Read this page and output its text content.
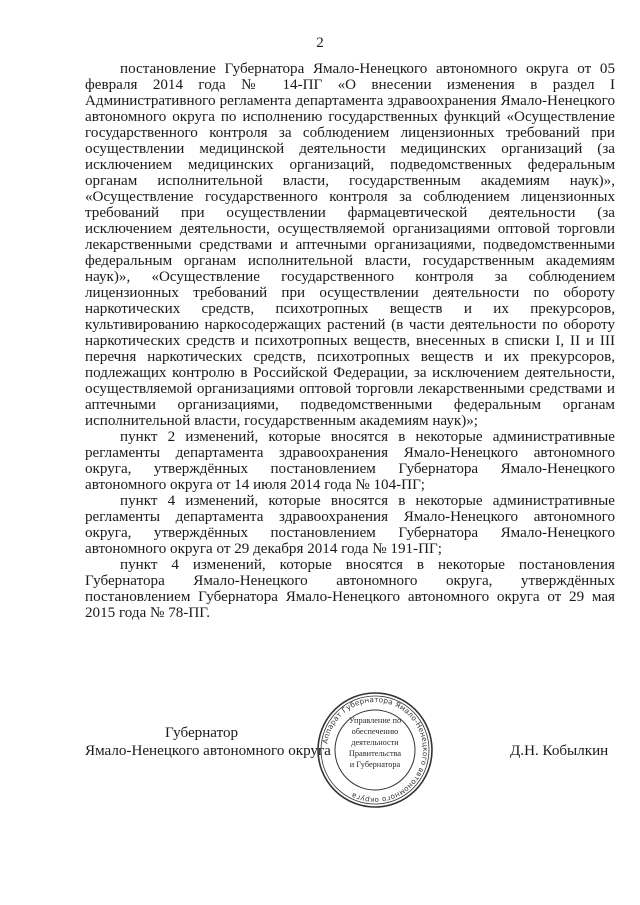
2

постановление Губернатора Ямало-Ненецкого автономного округа от 05 февраля 2014 года № 14-ПГ «О внесении изменения в раздел I Административного регламента департамента здравоохранения Ямало-Ненецкого автономного округа по исполнению государственных функций «Осуществление государственного контроля за соблюдением лицензионных требований при осуществлении медицинской деятельности медицинских организаций (за исключением медицинских организаций, подведомственных федеральным органам исполнительной власти, государственным академиям наук)», «Осуществление государственного контроля за соблюдением лицензионных требований при осуществлении фармацевтической деятельности (за исключением деятельности, осуществляемой организациями оптовой торговли лекарственными средствами и аптечными организациями, подведомственными федеральным органам исполнительной власти, государственным академиям наук)», «Осуществление государственного контроля за соблюдением лицензионных требований при осуществлении деятельности по обороту наркотических средств, психотропных веществ и их прекурсоров, культивированию наркосодержащих растений (в части деятельности по обороту наркотических средств и психотропных веществ, внесенных в списки I, II и III перечня наркотических средств, психотропных веществ и их прекурсоров, подлежащих контролю в Российской Федерации, за исключением деятельности, осуществляемой организациями оптовой торговли лекарственными средствами и аптечными организациями, подведомственными федеральным органам исполнительной власти, государственным академиям наук)»;

пункт 2 изменений, которые вносятся в некоторые административные регламенты департамента здравоохранения Ямало-Ненецкого автономного округа, утверждённых постановлением Губернатора Ямало-Ненецкого автономного округа от 14 июля 2014 года № 104-ПГ;

пункт 4 изменений, которые вносятся в некоторые административные регламенты департамента здравоохранения Ямало-Ненецкого автономного округа, утверждённых постановлением Губернатора Ямало-Ненецкого автономного округа от 29 декабря 2014 года № 191-ПГ;

пункт 4 изменений, которые вносятся в некоторые постановления Губернатора Ямало-Ненецкого автономного округа, утверждённых постановлением Губернатора Ямало-Ненецкого автономного округа от 29 мая 2015 года № 78-ПГ.

Губернатор
Ямало-Ненецкого автономного округа	Д.Н. Кобылкин
Аппарат Губернатора Ямало-Ненецкого автономного округа
Управление по
обеспечению
деятельности
Правительства
и Губернатора
